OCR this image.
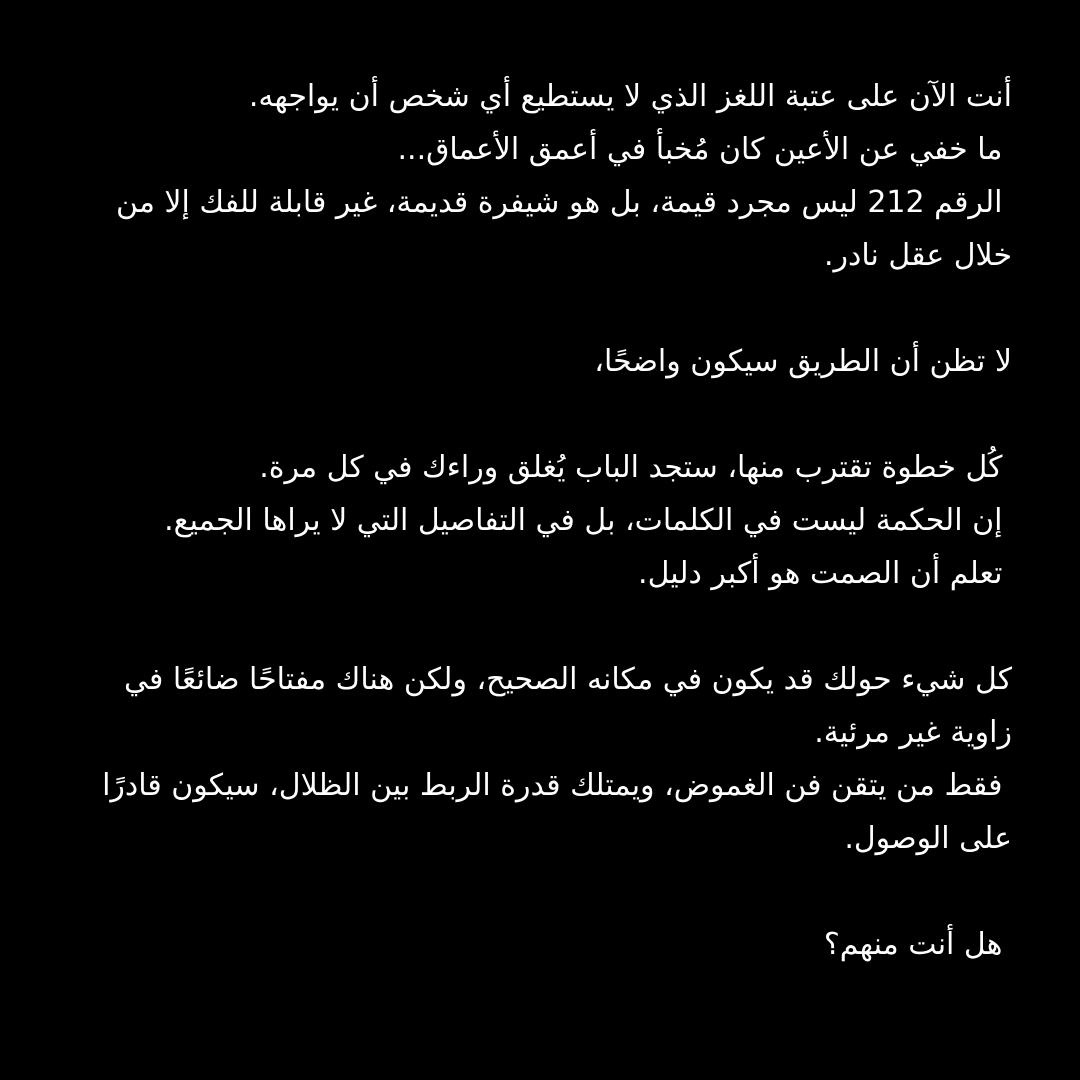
أنت الآن على عتبة اللغز الذي لا يستطيع أي شخص أن يواجهه.
ما خفي عن الأعين كان مُخبأ في أعمق الأعماق...
الرقم 212 ليس مجرد قيمة، بل هو شيفرة قديمة، غير قابلة للفك إلا من خلال عقل نادر.
لا تظن أن الطريق سيكون واضحًا،
كُل خطوة تقترب منها، ستجد الباب يُغلق وراءك في كل مرة.
إن الحكمة ليست في الكلمات، بل في التفاصيل التي لا يراها الجميع.
تعلم أن الصمت هو أكبر دليل.
كل شيء حولك قد يكون في مكانه الصحيح، ولكن هناك مفتاحًا ضائعًا في زاوية غير مرئية.
فقط من يتقن فن الغموض، ويمتلك قدرة الربط بين الظلال، سيكون قادرًا على الوصول.
هل أنت منهم؟
